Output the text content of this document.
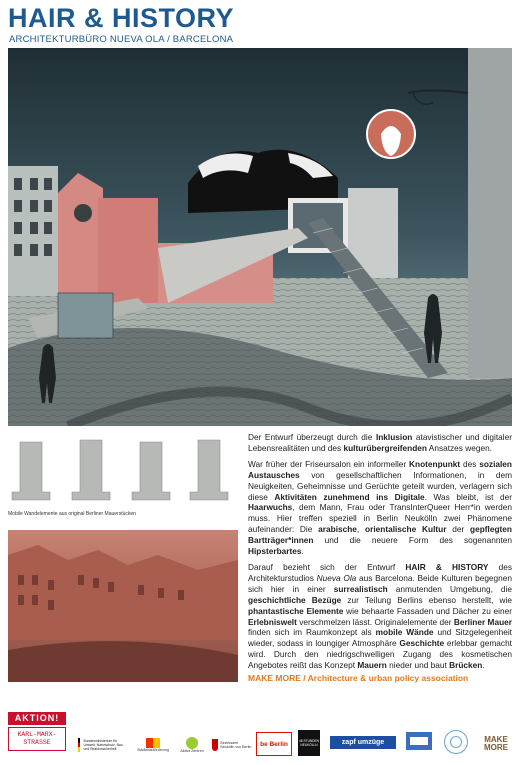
HAIR & HISTORY
ARCHITEKTURBÜRO NUEVA OLA / BARCELONA
Mobile Wandelemente aus original Berliner Mauerstücken

Der Entwurf überzeugt durch die Inklusion atavistischer und digitaler Lebensrealitäten und des kulturübergreifenden Ansatzes wegen.

War früher der Friseursalon ein informeller Knotenpunkt des sozialen Austausches von gesellschaftlichen Informationen, in dem Neuigkeiten, Geheimnisse und Gerüchte geteilt wurden, verlagern sich diese Aktivitäten zunehmend ins Digitale. Was bleibt, ist der Haarwuchs, dem Mann, Frau oder TransInterQueer Herr*in werden muss. Hier treffen speziell in Berlin Neukölln zwei Phänomene aufeinander: Die arabische, orientalische Kultur der gepflegten Bartträger*innen und die neuere Form des sogenannten Hipsterbartes.

Darauf bezieht sich der Entwurf HAIR & HISTORY des Architekturstudios Nueva Ola aus Barcelona. Beide Kulturen begegnen sich hier in einer surrealistisch anmutenden Umgebung, die geschichtliche Bezüge zur Teilung Berlins ebenso herstellt, wie phantastische Elemente wie behaarte Fassaden und Dächer zu einer Erlebniswelt verschmelzen lässt. Originalelemente der Berliner Mauer finden sich im Raumkonzept als mobile Wände und Sitzgelegenheit wieder, sodass in loungiger Atmosphäre Geschichte erlebbar gemacht wird. Durch den niedrigschwelligen Zugang des kosmetischen Angebotes reißt das Konzept Mauern nieder und baut Brücken.

MAKE MORE / Architecture & urban policy association
AKTION!
KARL-MARX-
STRASSE	Bundesministerium für Umwelt, Naturschutz, Bau und Reaktorsicherheit	Städtebauförderung	Aktive Zentren
Bezirksamt Neukölln von Berlin be Berlin	48 STUNDEN NEUKÖLLN	zapf umzüge	MAKE MORE
